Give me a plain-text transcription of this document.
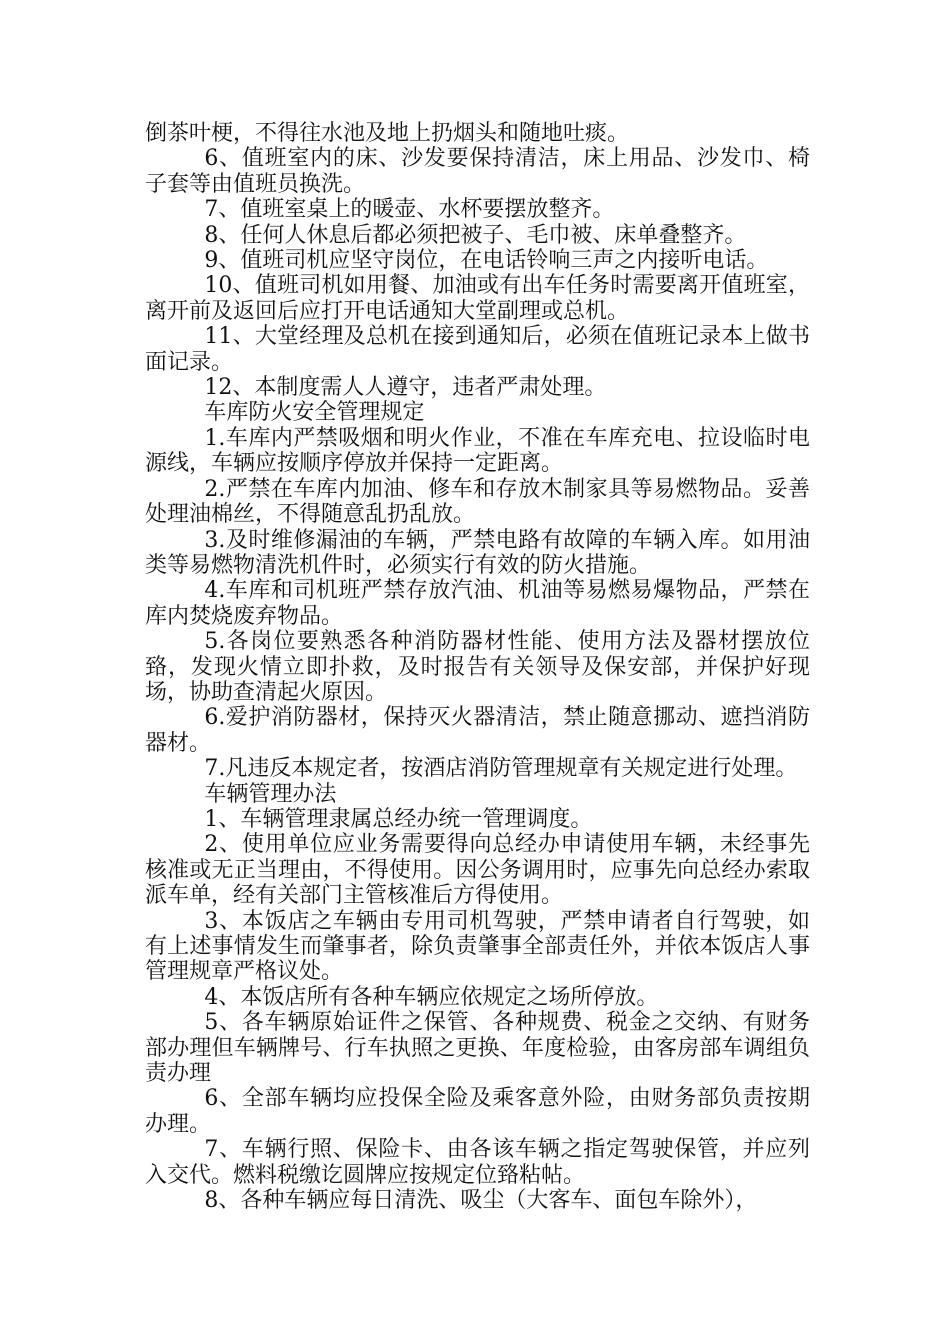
倒茶叶梗，不得往水池及地上扔烟头和随地吐痰。

6、值班室内的床、沙发要保持清洁，床上用品、沙发巾、椅子套等由值班员换洗。

7、值班室桌上的暖壶、水杯要摆放整齐。

8、任何人休息后都必须把被子、毛巾被、床单叠整齐。

9、值班司机应坚守岗位，在电话铃响三声之内接听电话。

10、值班司机如用餐、加油或有出车任务时需要离开值班室，离开前及返回后应打开电话通知大堂副理或总机。

11、大堂经理及总机在接到通知后，必须在值班记录本上做书面记录。

12、本制度需人人遵守，违者严肃处理。

车库防火安全管理规定

1.车库内严禁吸烟和明火作业，不准在车库充电、拉设临时电源线，车辆应按顺序停放并保持一定距离。

2.严禁在车库内加油、修车和存放木制家具等易燃物品。妥善处理油棉丝，不得随意乱扔乱放。

3.及时维修漏油的车辆，严禁电路有故障的车辆入库。如用油类等易燃物清洗机件时，必须实行有效的防火措施。

4.车库和司机班严禁存放汽油、机油等易燃易爆物品，严禁在库内焚烧废弃物品。

5.各岗位要熟悉各种消防器材性能、使用方法及器材摆放位臵，发现火情立即扑救，及时报告有关领导及保安部，并保护好现场，协助查清起火原因。

6.爱护消防器材，保持灭火器清洁，禁止随意挪动、遮挡消防器材。

7.凡违反本规定者，按酒店消防管理规章有关规定进行处理。

车辆管理办法

1、车辆管理隶属总经办统一管理调度。

2、使用单位应业务需要得向总经办申请使用车辆，未经事先核准或无正当理由，不得使用。因公务调用时，应事先向总经办索取派车单，经有关部门主管核准后方得使用。

3、本饭店之车辆由专用司机驾驶，严禁申请者自行驾驶，如有上述事情发生而肇事者，除负责肇事全部责任外，并依本饭店人事管理规章严格议处。

4、本饭店所有各种车辆应依规定之场所停放。

5、各车辆原始证件之保管、各种规费、税金之交纳、有财务部办理但车辆牌号、行车执照之更换、年度检验，由客房部车调组负责办理

6、全部车辆均应投保全险及乘客意外险，由财务部负责按期办理。

7、车辆行照、保险卡、由各该车辆之指定驾驶保管，并应列入交代。燃料税缴讫圆牌应按规定位臵粘帖。

8、各种车辆应每日清洗、吸尘（大客车、面包车除外），
